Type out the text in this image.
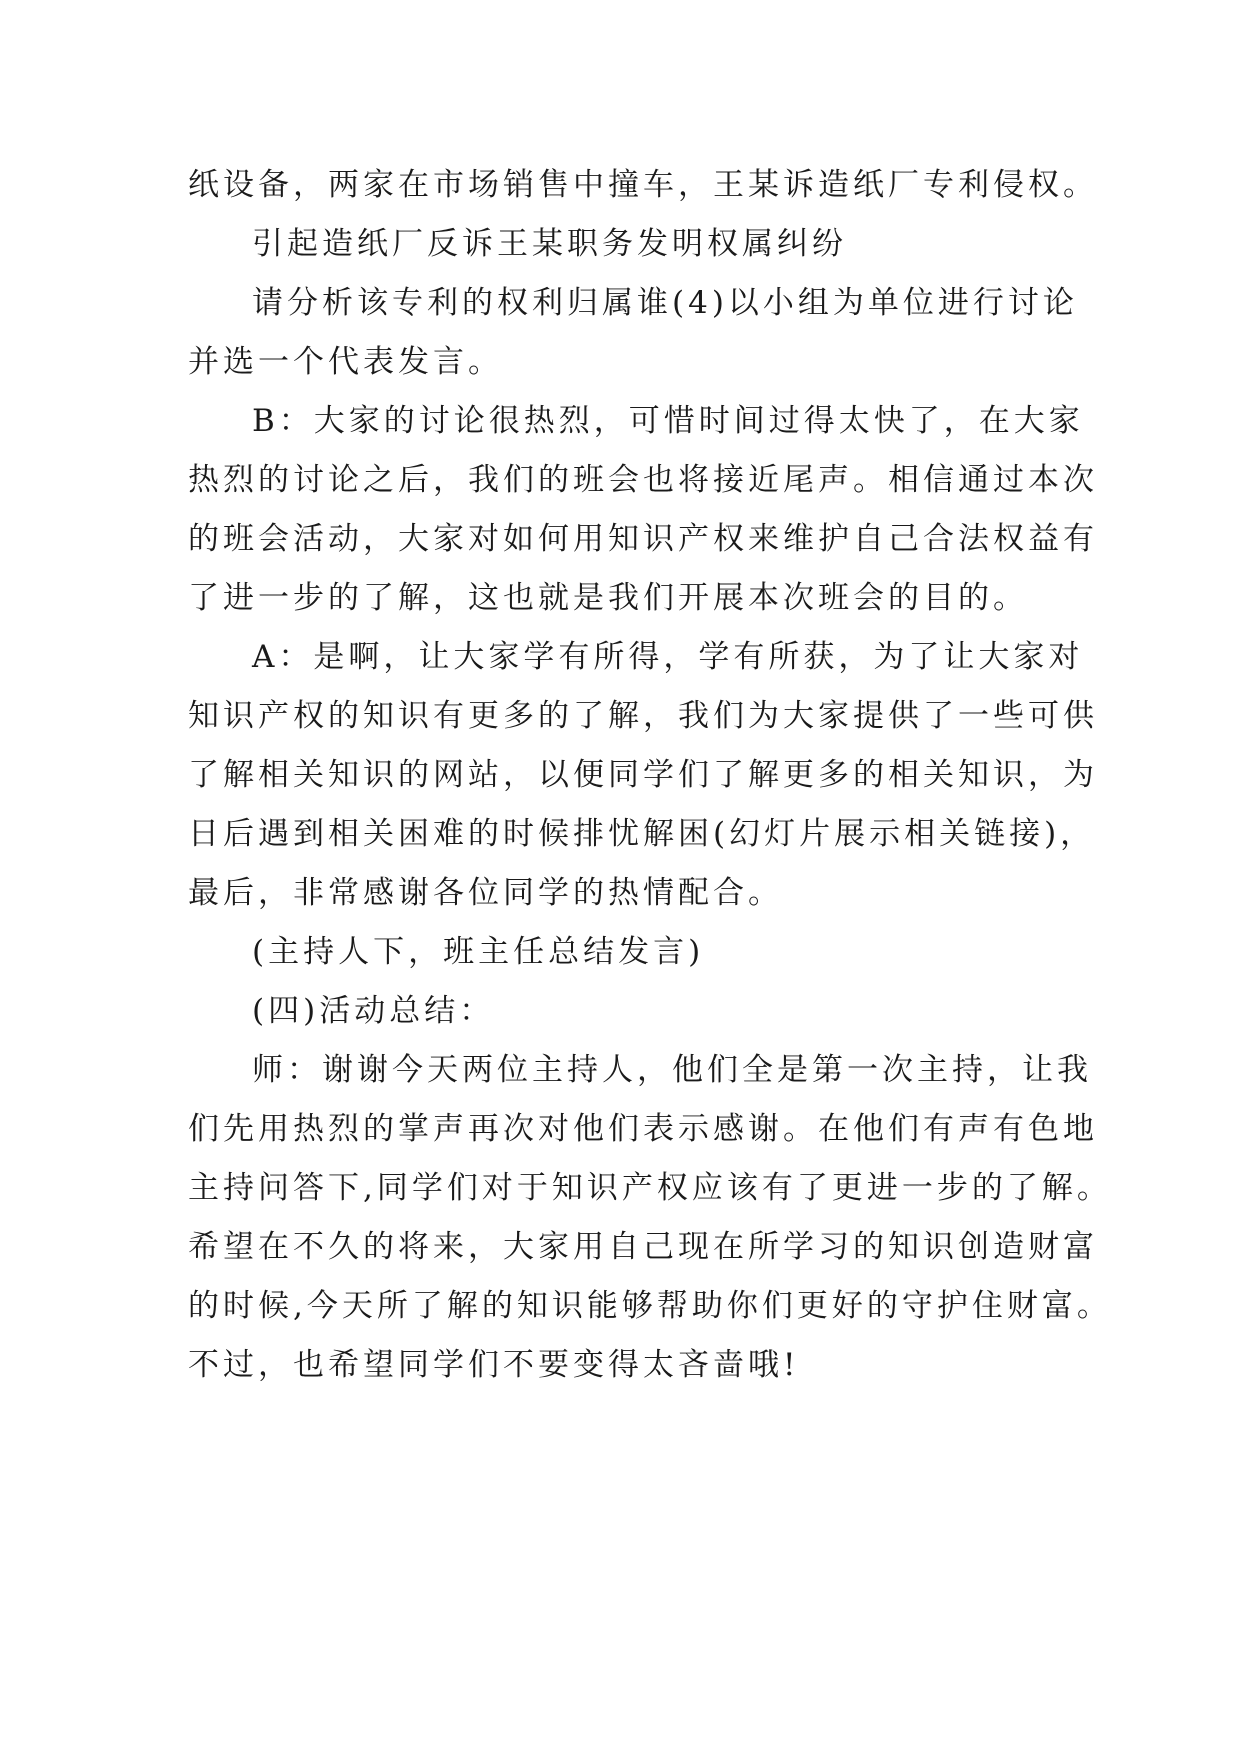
纸设备，两家在市场销售中撞车，王某诉造纸厂专利侵权。
引起造纸厂反诉王某职务发明权属纠纷
请分析该专利的权利归属谁(4)以小组为单位进行讨论
并选一个代表发言。
B：大家的讨论很热烈，可惜时间过得太快了，在大家
热烈的讨论之后，我们的班会也将接近尾声。相信通过本次
的班会活动，大家对如何用知识产权来维护自己合法权益有
了进一步的了解，这也就是我们开展本次班会的目的。
A：是啊，让大家学有所得，学有所获，为了让大家对
知识产权的知识有更多的了解，我们为大家提供了一些可供
了解相关知识的网站，以便同学们了解更多的相关知识，为
日后遇到相关困难的时候排忧解困(幻灯片展示相关链接)，
最后，非常感谢各位同学的热情配合。
(主持人下，班主任总结发言)
(四)活动总结：
师：谢谢今天两位主持人，他们全是第一次主持，让我
们先用热烈的掌声再次对他们表示感谢。在他们有声有色地
主持问答下,同学们对于知识产权应该有了更进一步的了解。
希望在不久的将来，大家用自己现在所学习的知识创造财富
的时候,今天所了解的知识能够帮助你们更好的守护住财富。
不过，也希望同学们不要变得太吝啬哦!
